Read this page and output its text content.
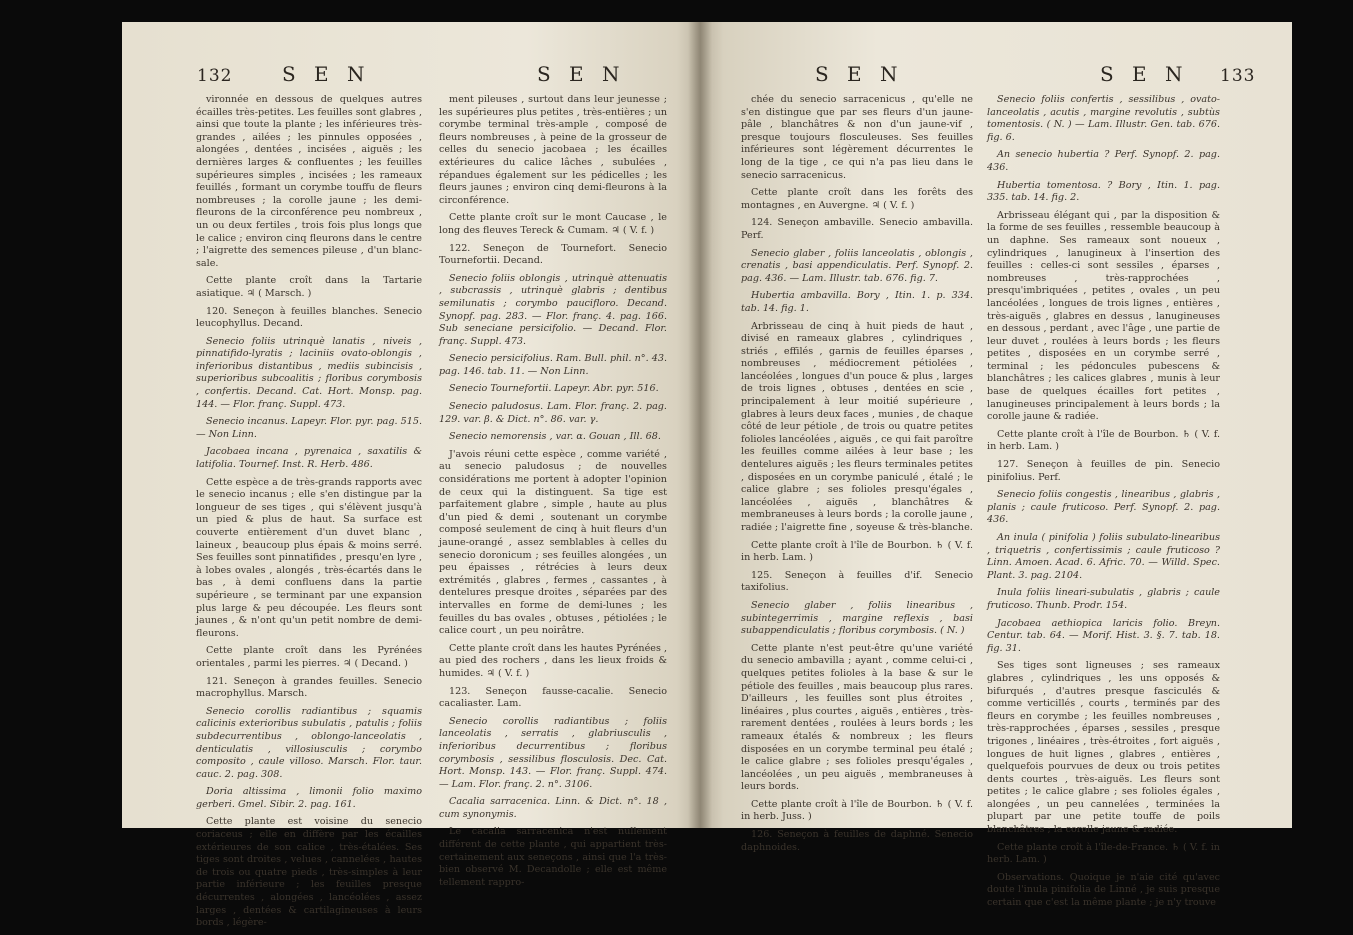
132 S E N	S E N

vironnée en dessous de quelques autres écailles très-petites. Les feuilles sont glabres , ainsi que toute la plante ; les inférieures très-grandes , ailées ; les pinnules opposées , alongées , dentées , incisées , aiguës ; les dernières larges & confluentes ; les feuilles supérieures simples , incisées ; les rameaux feuillés , formant un corymbe touffu de fleurs nombreuses ; la corolle jaune ; les demi-fleurons de la circonférence peu nombreux , un ou deux fertiles , trois fois plus longs que le calice ; environ cinq fleurons dans le centre ; l'aigrette des semences pileuse , d'un blanc-sale.

Cette plante croît dans la Tartarie asiatique. ♃ ( Marsch. )

120. Seneçon à feuilles blanches. Senecio leucophyllus. Decand.

Senecio foliis utrinquè lanatis , niveis , pinnatifido-lyratis ; laciniis ovato-oblongis , inferioribus distantibus , mediis subincisis , superioribus subcoalitis ; floribus corymbosis , confertis. Decand. Cat. Hort. Monsp. pag. 144. — Flor. franç. Suppl. 473.

Senecio incanus. Lapeyr. Flor. pyr. pag. 515. — Non Linn.

Jacobaea incana , pyrenaica , saxatilis & latifolia. Tournef. Inst. R. Herb. 486.

Cette espèce a de très-grands rapports avec le senecio incanus ; elle s'en distingue par la longueur de ses tiges , qui s'élèvent jusqu'à un pied & plus de haut. Sa surface est couverte entièrement d'un duvet blanc , laineux , beaucoup plus épais & moins serré. Ses feuilles sont pinnatifides , presqu'en lyre , à lobes ovales , alongés , très-écartés dans le bas , à demi confluens dans la partie supérieure , se terminant par une expansion plus large & peu découpée. Les fleurs sont jaunes , & n'ont qu'un petit nombre de demi-fleurons.

Cette plante croît dans les Pyrénées orientales , parmi les pierres. ♃ ( Decand. )

121. Seneçon à grandes feuilles. Senecio macrophyllus. Marsch.

Senecio corollis radiantibus ; squamis calicinis exterioribus subulatis , patulis ; foliis subdecurrentibus , oblongo-lanceolatis , denticulatis , villosiusculis ; corymbo composito , caule villoso. Marsch. Flor. taur. cauc. 2. pag. 308.

Doria altissima , limonii folio maximo gerberi. Gmel. Sibir. 2. pag. 161.

Cette plante est voisine du senecio coriaceus ; elle en diffère par les écailles extérieures de son calice , très-étalées. Ses tiges sont droites , velues , cannelées , hautes de trois ou quatre pieds , très-simples à leur partie inférieure ; les feuilles presque décurrentes , alongées , lancéolées , assez larges , dentées & cartilagineuses à leurs bords , légère-

ment pileuses , surtout dans leur jeunesse ; les supérieures plus petites , très-entières ; un corymbe terminal très-ample , composé de fleurs nombreuses , à peine de la grosseur de celles du senecio jacobaea ; les écailles extérieures du calice lâches , subulées , répandues également sur les pédicelles ; les fleurs jaunes ; environ cinq demi-fleurons à la circonférence.

Cette plante croît sur le mont Caucase , le long des fleuves Tereck & Cumam. ♃ ( V. f. )

122. Seneçon de Tournefort. Senecio Tournefortii. Decand.

Senecio foliis oblongis , utrinquè attenuatis , subcrassis , utrinquè glabris ; dentibus semilunatis ; corymbo paucifloro. Decand. Synopf. pag. 283. — Flor. franç. 4. pag. 166. Sub seneciane persicifolio. — Decand. Flor. franç. Suppl. 473.

Senecio persicifolius. Ram. Bull. phil. n°. 43. pag. 146. tab. 11. — Non Linn.

Senecio Tournefortii. Lapeyr. Abr. pyr. 516.

Senecio paludosus. Lam. Flor. franç. 2. pag. 129. var. β. & Dict. n°. 86. var. γ.

Senecio nemorensis , var. α. Gouan , Ill. 68.

J'avois réuni cette espèce , comme variété , au senecio paludosus ; de nouvelles considérations me portent à adopter l'opinion de ceux qui la distinguent. Sa tige est parfaitement glabre , simple , haute au plus d'un pied & demi , soutenant un corymbe composé seulement de cinq à huit fleurs d'un jaune-orangé , assez semblables à celles du senecio doronicum ; ses feuilles alongées , un peu épaisses , rétrécies à leurs deux extrémités , glabres , fermes , cassantes , à dentelures presque droites , séparées par des intervalles en forme de demi-lunes ; les feuilles du bas ovales , obtuses , pétiolées ; le calice court , un peu noirâtre.

Cette plante croît dans les hautes Pyrénées , au pied des rochers , dans les lieux froids & humides. ♃ ( V. f. )

123. Seneçon fausse-cacalie. Senecio cacaliaster. Lam.

Senecio corollis radiantibus ; foliis lanceolatis , serratis , glabriusculis , inferioribus decurrentibus ; floribus corymbosis , sessilibus flosculosis. Dec. Cat. Hort. Monsp. 143. — Flor. franç. Suppl. 474. — Lam. Flor. franç. 2. n°. 3106.

Cacalia sarracenica. Linn. & Dict. n°. 18 , cum synonymis.

Le cacalia sarracenica n'est nullement différent de cette plante , qui appartient très-certainement aux seneçons , ainsi que l'a très-bien observé M. Decandolle ; elle est même tellement rappro-

S E N	S E N 133

chée du senecio sarracenicus , qu'elle ne s'en distingue que par ses fleurs d'un jaune-pâle , blanchâtres & non d'un jaune-vif , presque toujours flosculeuses. Ses feuilles inférieures sont légèrement décurrentes le long de la tige , ce qui n'a pas lieu dans le senecio sarracenicus.

Cette plante croît dans les forêts des montagnes , en Auvergne. ♃ ( V. f. )

124. Seneçon ambaville. Senecio ambavilla. Perf.

Senecio glaber , foliis lanceolatis , oblongis , crenatis , basi appendiculatis. Perf. Synopf. 2. pag. 436. — Lam. Illustr. tab. 676. fig. 7.

Hubertia ambavilla. Bory , Itin. 1. p. 334. tab. 14. fig. 1.

Arbrisseau de cinq à huit pieds de haut , divisé en rameaux glabres , cylindriques , striés , effilés , garnis de feuilles éparses , nombreuses , médiocrement pétiolées , lancéolées , longues d'un pouce & plus , larges de trois lignes , obtuses , dentées en scie , principalement à leur moitié supérieure , glabres à leurs deux faces , munies , de chaque côté de leur pétiole , de trois ou quatre petites folioles lancéolées , aiguës , ce qui fait paroître les feuilles comme ailées à leur base ; les dentelures aiguës ; les fleurs terminales petites , disposées en un corymbe paniculé , étalé ; le calice glabre ; ses folioles presqu'égales , lancéolées , aiguës , blanchâtres & membraneuses à leurs bords ; la corolle jaune , radiée ; l'aigrette fine , soyeuse & très-blanche.

Cette plante croît à l'île de Bourbon. ♄ ( V. f. in herb. Lam. )

125. Seneçon à feuilles d'if. Senecio taxifolius.

Senecio glaber , foliis linearibus , subintegerrimis , margine reflexis , basi subappendiculatis ; floribus corymbosis. ( N. )

Cette plante n'est peut-être qu'une variété du senecio ambavilla ; ayant , comme celui-ci , quelques petites folioles à la base & sur le pétiole des feuilles , mais beaucoup plus rares. D'ailleurs , les feuilles sont plus étroites , linéaires , plus courtes , aiguës , entières , très-rarement dentées , roulées à leurs bords ; les rameaux étalés & nombreux ; les fleurs disposées en un corymbe terminal peu étalé ; le calice glabre ; ses folioles presqu'égales , lancéolées , un peu aiguës , membraneuses à leurs bords.

Cette plante croît à l'île de Bourbon. ♄ ( V. f. in herb. Juss. )

126. Seneçon à feuilles de daphné. Senecio daphnoides.

Senecio foliis confertis , sessilibus , ovato-lanceolatis , acutis , margine revolutis , subtùs tomentosis. ( N. ) — Lam. Illustr. Gen. tab. 676. fig. 6.

An senecio hubertia ? Perf. Synopf. 2. pag. 436.

Hubertia tomentosa. ? Bory , Itin. 1. pag. 335. tab. 14. fig. 2.

Arbrisseau élégant qui , par la disposition & la forme de ses feuilles , ressemble beaucoup à un daphne. Ses rameaux sont noueux , cylindriques , lanugineux à l'insertion des feuilles : celles-ci sont sessiles , éparses , nombreuses , très-rapprochées , presqu'imbriquées , petites , ovales , un peu lancéolées , longues de trois lignes , entières , très-aiguës , glabres en dessus , lanugineuses en dessous , perdant , avec l'âge , une partie de leur duvet , roulées à leurs bords ; les fleurs petites , disposées en un corymbe serré , terminal ; les pédoncules pubescens & blanchâtres ; les calices glabres , munis à leur base de quelques écailles fort petites , lanugineuses principalement à leurs bords ; la corolle jaune & radiée.

Cette plante croît à l'île de Bourbon. ♄ ( V. f. in herb. Lam. )

127. Seneçon à feuilles de pin. Senecio pinifolius. Perf.

Senecio foliis congestis , linearibus , glabris , planis ; caule fruticoso. Perf. Synopf. 2. pag. 436.

An inula ( pinifolia ) foliis subulato-linearibus , triquetris , confertissimis ; caule fruticoso ? Linn. Amoen. Acad. 6. Afric. 70. — Willd. Spec. Plant. 3. pag. 2104.

Inula foliis lineari-subulatis , glabris ; caule fruticoso. Thunb. Prodr. 154.

Jacobaea aethiopica laricis folio. Breyn. Centur. tab. 64. — Morif. Hist. 3. §. 7. tab. 18. fig. 31.

Ses tiges sont ligneuses ; ses rameaux glabres , cylindriques , les uns opposés & bifurqués , d'autres presque fasciculés & comme verticillés , courts , terminés par des fleurs en corymbe ; les feuilles nombreuses , très-rapprochées , éparses , sessiles , presque trigones , linéaires , très-étroites , fort aiguës , longues de huit lignes , glabres , entières , quelquefois pourvues de deux ou trois petites dents courtes , très-aiguës. Les fleurs sont petites ; le calice glabre ; ses folioles égales , alongées , un peu cannelées , terminées la plupart par une petite touffe de poils blanchâtres ; la corolle jaune & radiée.

Cette plante croît à l'île-de-France. ♄ ( V. f. in herb. Lam. )

Observations. Quoique je n'aie cité qu'avec doute l'inula pinifolia de Linné , je suis presque certain que c'est la même plante ; je n'y trouve
